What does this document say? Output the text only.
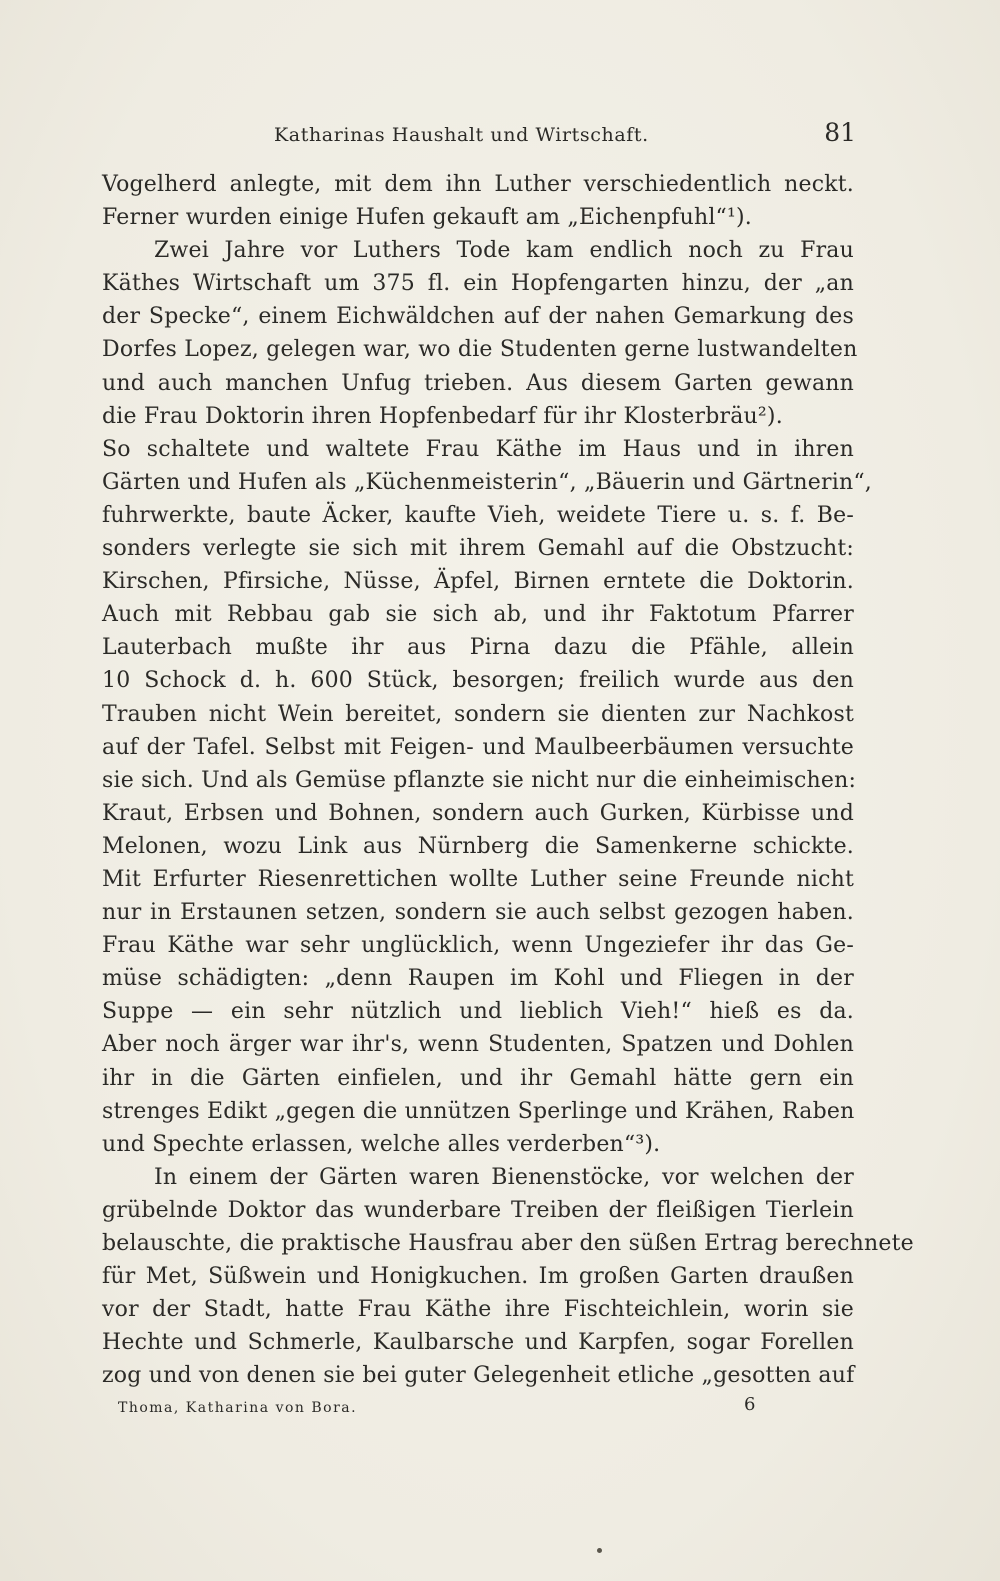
Katharinas Haushalt und Wirtschaft.	81
Vogelherd anlegte, mit dem ihn Luther verschiedentlich neckt.
Ferner wurden einige Hufen gekauft am „Eichenpfuhl“¹).
Zwei Jahre vor Luthers Tode kam endlich noch zu Frau
Käthes Wirtschaft um 375 fl. ein Hopfengarten hinzu, der „an
der Specke“, einem Eichwäldchen auf der nahen Gemarkung des
Dorfes Lopez, gelegen war, wo die Studenten gerne lustwandelten
und auch manchen Unfug trieben. Aus diesem Garten gewann
die Frau Doktorin ihren Hopfenbedarf für ihr Klosterbräu²).
So schaltete und waltete Frau Käthe im Haus und in ihren
Gärten und Hufen als „Küchenmeisterin“, „Bäuerin und Gärtnerin“,
fuhrwerkte, baute Äcker, kaufte Vieh, weidete Tiere u. s. f. Be-
sonders verlegte sie sich mit ihrem Gemahl auf die Obstzucht:
Kirschen, Pfirsiche, Nüsse, Äpfel, Birnen erntete die Doktorin.
Auch mit Rebbau gab sie sich ab, und ihr Faktotum Pfarrer
Lauterbach mußte ihr aus Pirna dazu die Pfähle, allein
10 Schock d. h. 600 Stück, besorgen; freilich wurde aus den
Trauben nicht Wein bereitet, sondern sie dienten zur Nachkost
auf der Tafel. Selbst mit Feigen- und Maulbeerbäumen versuchte
sie sich. Und als Gemüse pflanzte sie nicht nur die einheimischen:
Kraut, Erbsen und Bohnen, sondern auch Gurken, Kürbisse und
Melonen, wozu Link aus Nürnberg die Samenkerne schickte.
Mit Erfurter Riesenrettichen wollte Luther seine Freunde nicht
nur in Erstaunen setzen, sondern sie auch selbst gezogen haben.
Frau Käthe war sehr unglücklich, wenn Ungeziefer ihr das Ge-
müse schädigten: „denn Raupen im Kohl und Fliegen in der
Suppe — ein sehr nützlich und lieblich Vieh!“ hieß es da.
Aber noch ärger war ihr's, wenn Studenten, Spatzen und Dohlen
ihr in die Gärten einfielen, und ihr Gemahl hätte gern ein
strenges Edikt „gegen die unnützen Sperlinge und Krähen, Raben
und Spechte erlassen, welche alles verderben“³).
In einem der Gärten waren Bienenstöcke, vor welchen der
grübelnde Doktor das wunderbare Treiben der fleißigen Tierlein
belauschte, die praktische Hausfrau aber den süßen Ertrag berechnete
für Met, Süßwein und Honigkuchen. Im großen Garten draußen
vor der Stadt, hatte Frau Käthe ihre Fischteichlein, worin sie
Hechte und Schmerle, Kaulbarsche und Karpfen, sogar Forellen
zog und von denen sie bei guter Gelegenheit etliche „gesotten auf
Thoma, Katharina von Bora.	6
